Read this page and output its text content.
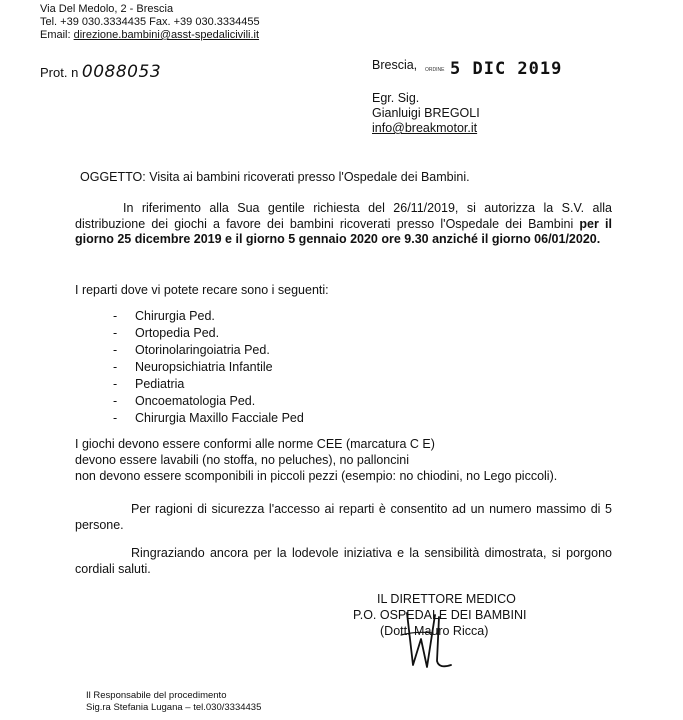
Via Del Medolo, 2 - Brescia
Tel. +39 030.3334435 Fax. +39 030.3334455
Email: direzione.bambini@asst-spedalicivili.it
Prot. n 0088053	Brescia, ORDINE 5 DIC 2019
Egr. Sig.
Gianluigi BREGOLI
info@breakmotor.it
OGGETTO: Visita ai bambini ricoverati presso l'Ospedale dei Bambini.
In riferimento alla Sua gentile richiesta del 26/11/2019, si autorizza la S.V. alla distribuzione dei giochi a favore dei bambini ricoverati presso l'Ospedale dei Bambini per il giorno 25 dicembre 2019 e il giorno 5 gennaio 2020 ore 9.30 anziché il giorno 06/01/2020.
I reparti dove vi potete recare sono i seguenti:
- Chirurgia Ped.
- Ortopedia Ped.
- Otorinolaringoiatria Ped.
- Neuropsichiatria Infantile
- Pediatria
- Oncoematologia Ped.
- Chirurgia Maxillo Facciale Ped
I giochi devono essere conformi alle norme CEE (marcatura C E)
devono essere lavabili (no stoffa, no peluches), no palloncini
non devono essere scomponibili in piccoli pezzi (esempio: no chiodini, no Lego piccoli).
Per ragioni di sicurezza l'accesso ai reparti è consentito ad un numero massimo di 5 persone.
Ringraziando ancora per la lodevole iniziativa e la sensibilità dimostrata, si porgono cordiali saluti.
IL DIRETTORE MEDICO
P.O. OSPEDALE DEI BAMBINI
(Dott. Mauro Ricca)
Il Responsabile del procedimento
Sig.ra Stefania Lugana – tel.030/3334435
